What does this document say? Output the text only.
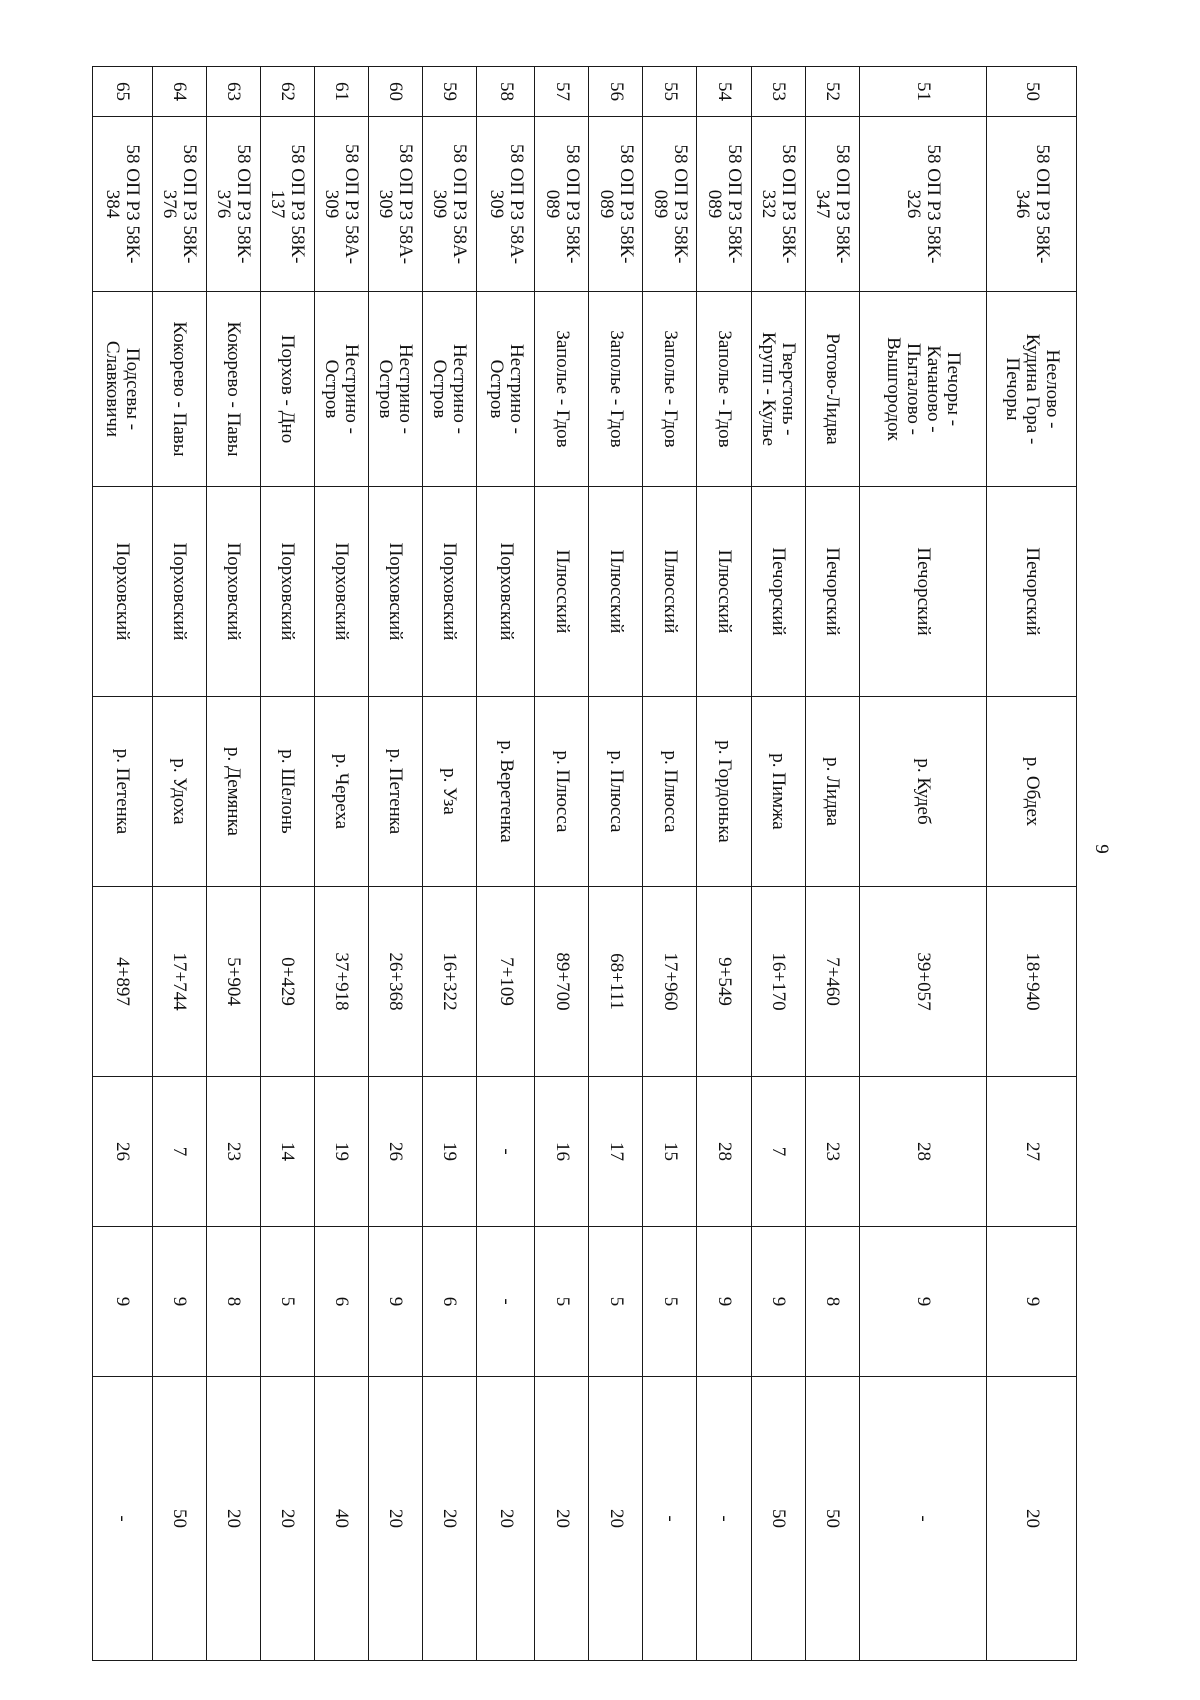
9
50	58 ОП РЗ 58К-
346	Неелово -
Кудина Гора -
Печоры	Печорский	р. Обдех	18+940	27	9	20

51	58 ОП РЗ 58К-
326	Печоры -
Качаново -
Пыталово -
Вышгородок	Печорский	р. Кудеб	39+057	28	9	-

52	58 ОП РЗ 58К-
347	Ротово-Лидва	Печорский	р. Лидва	7+460	23	8	50

53	58 ОП РЗ 58К-
332	Гверстонь -
Крупп - Кулье	Печорский	р. Пимжа	16+170	7	9	50

54	58 ОП РЗ 58К-
089	Заполье - Гдов	Плюсский	р. Гордонька	9+549	28	9	-

55	58 ОП РЗ 58К-
089	Заполье - Гдов	Плюсский	р. Плюсса	17+960	15	5	-

56	58 ОП РЗ 58К-
089	Заполье - Гдов	Плюсский	р. Плюсса	68+111	17	5	20

57	58 ОП РЗ 58К-
089	Заполье - Гдов	Плюсский	р. Плюсса	89+700	16	5	20

58	58 ОП РЗ 58А-
309	Нестрино -
Остров	Порховский	р. Веретенка	7+109	-	-	20

59	58 ОП РЗ 58А-
309	Нестрино -
Остров	Порховский	р. Уза	16+322	19	6	20

60	58 ОП РЗ 58А-
309	Нестрино -
Остров	Порховский	р. Петенка	26+368	26	9	20

61	58 ОП РЗ 58А-
309	Нестрино -
Остров	Порховский	р. Череха	37+918	19	6	40

62	58 ОП РЗ 58К-
137	Порхов - Дно	Порховский	р. Шелонь	0+429	14	5	20

63	58 ОП РЗ 58К-
376	Кокорево - Павы	Порховский	р. Демянка	5+904	23	8	20

64	58 ОП РЗ 58К-
376	Кокорево - Павы	Порховский	р. Удоха	17+744	7	9	50

65	58 ОП РЗ 58К-
384	Подсевы -
Славковичи	Порховский	р. Петенка	4+897	26	9	-
